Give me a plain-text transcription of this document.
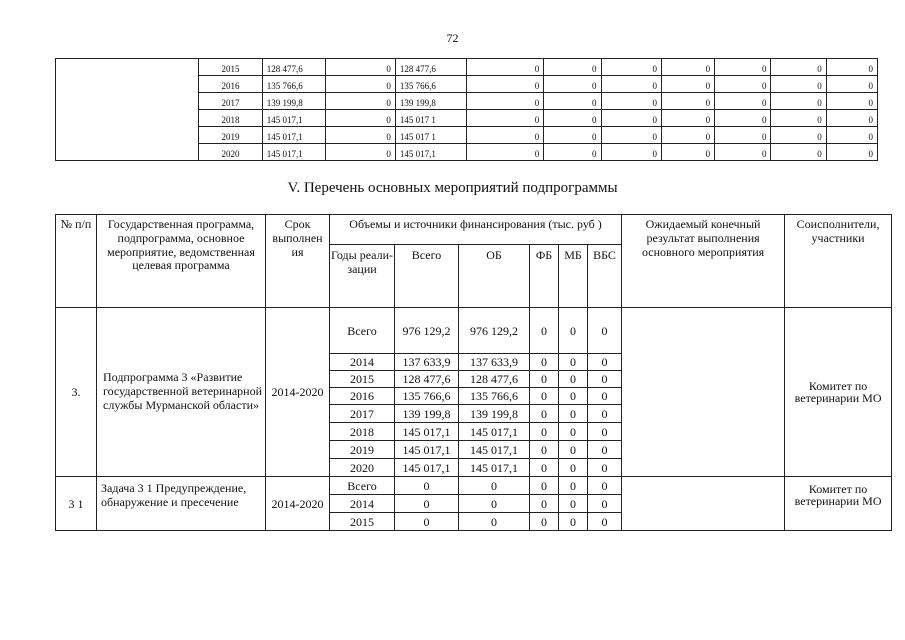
72
	2015	128 477,6	0	128 477,6	0	0	0	0	0	0	0
	2016	135 766,6	0	135 766,6	0	0	0	0	0	0	0
	2017	139 199,8	0	139 199,8	0	0	0	0	0	0	0
	2018	145 017,1	0	145 017 1	0	0	0	0	0	0	0
	2019	145 017,1	0	145 017 1	0	0	0	0	0	0	0
	2020	145 017,1	0	145 017,1	0	0	0	0	0	0	0
V. Перечень основных мероприятий подпрограммы
№ п/п	Государственная программа, подпрограмма, основное мероприятие, ведомственная целевая программа	Срок выполнен ия	Объемы и источники финансирования (тыс. руб )						Ожидаемый конечный результат выполнения основного мероприятия	Соисполнители, участники
			Годы реали-зации	Всего	ОБ	ФБ	МБ	ВБС		
3.	Подпрограмма 3 «Развитие государственной ветеринарной службы Мурманской области»	2014-2020	Всего	976 129,2	976 129,2	0	0	0		Комитет по ветеринарии МО
			2014	137 633,9	137 633,9	0	0	0		
			2015	128 477,6	128 477,6	0	0	0		
			2016	135 766,6	135 766,6	0	0	0		
			2017	139 199,8	139 199,8	0	0	0		
			2018	145 017,1	145 017,1	0	0	0		
			2019	145 017,1	145 017,1	0	0	0		
			2020	145 017,1	145 017,1	0	0	0		
3 1	Задача 3 1 Предупреждение, обнаружение и пресечение	2014-2020	Всего	0	0	0	0	0		Комитет по ветеринарии МО
			2014	0	0	0	0	0		
			2015	0	0	0	0	0		
